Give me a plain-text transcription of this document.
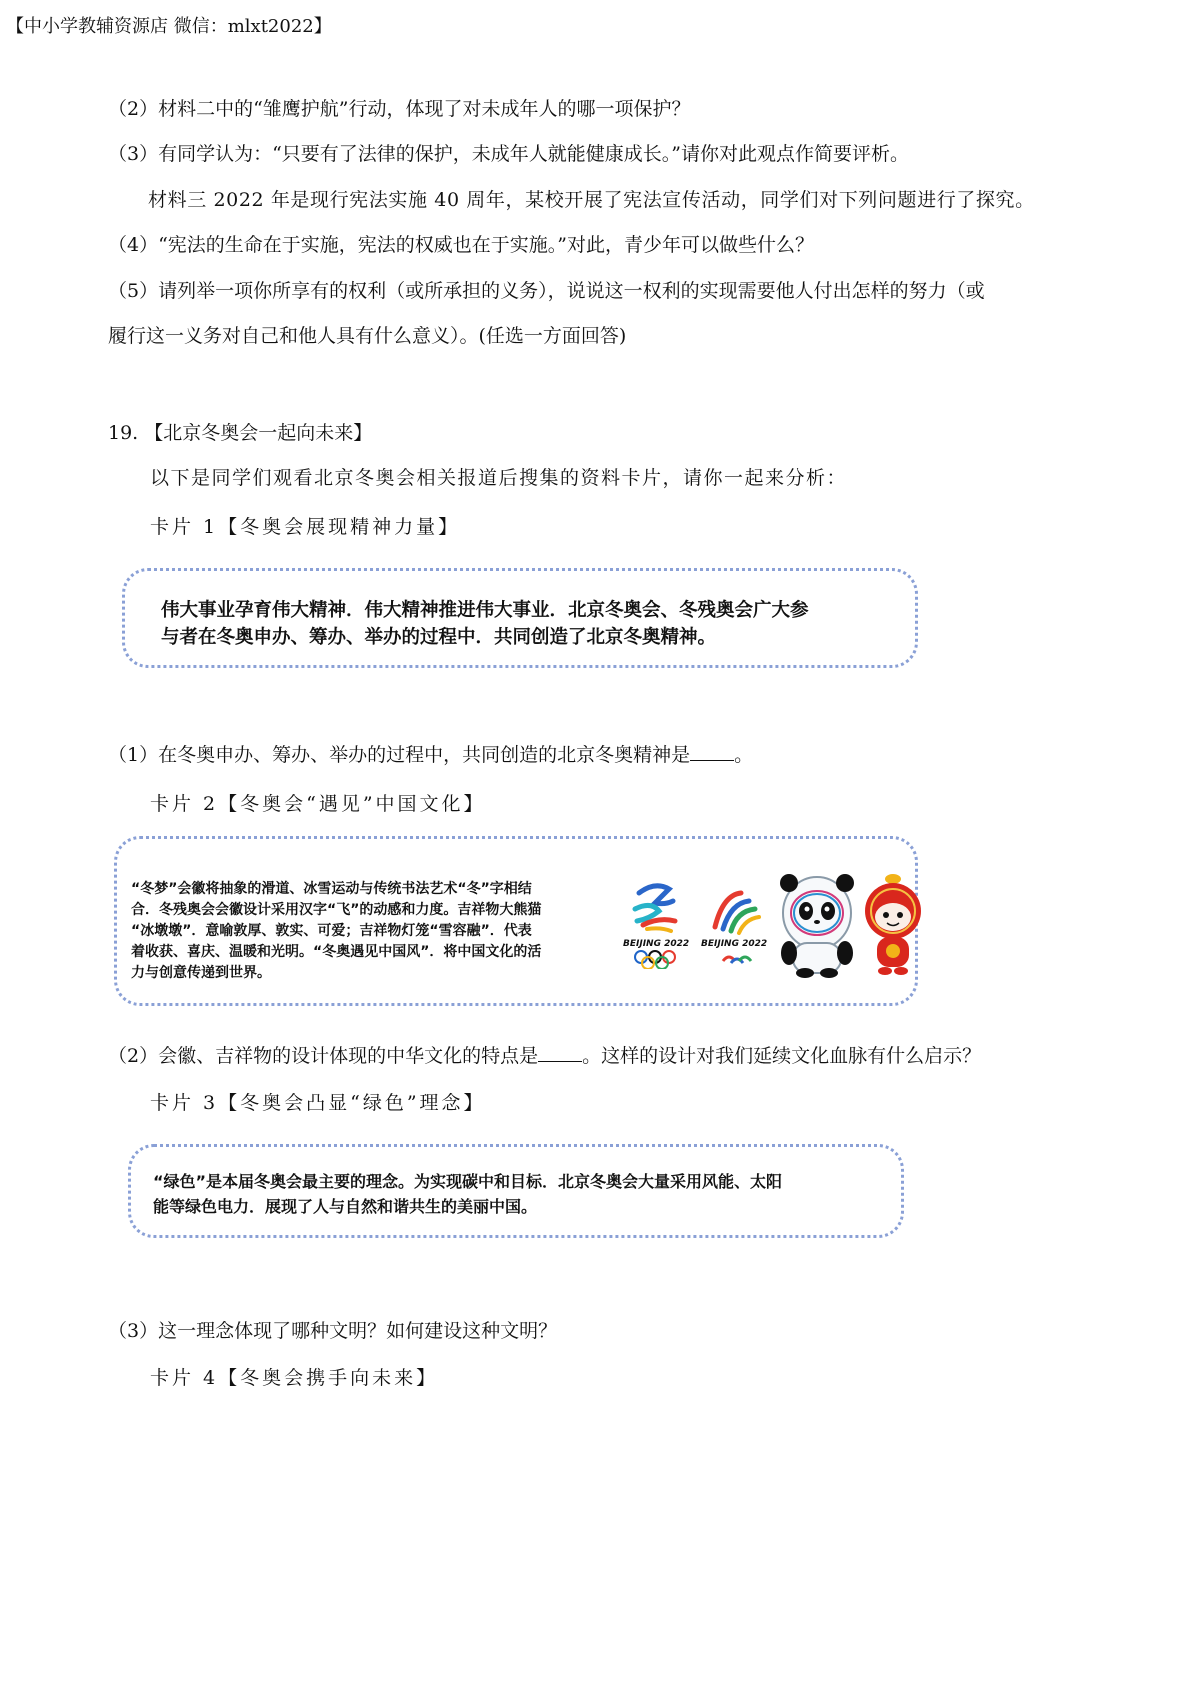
【中小学教辅资源店 微信：mlxt2022】
（2）材料二中的“雏鹰护航”行动，体现了对未成年人的哪一项保护？
（3）有同学认为：“只要有了法律的保护，未成年人就能健康成长。”请你对此观点作简要评析。
材料三 2022 年是现行宪法实施 40 周年，某校开展了宪法宣传活动，同学们对下列问题进行了探究。
（4）“宪法的生命在于实施，宪法的权威也在于实施。”对此，青少年可以做些什么？
（5）请列举一项你所享有的权利（或所承担的义务），说说这一权利的实现需要他人付出怎样的努力（或
履行这一义务对自己和他人具有什么意义）。(任选一方面回答)
19. 【北京冬奥会一起向未来】
以下是同学们观看北京冬奥会相关报道后搜集的资料卡片，请你一起来分析：
卡片 1【冬奥会展现精神力量】
伟大事业孕育伟大精神．伟大精神推进伟大事业．北京冬奥会、冬残奥会广大参
与者在冬奥申办、筹办、举办的过程中．共同创造了北京冬奥精神。
（1）在冬奥申办、筹办、举办的过程中，共同创造的北京冬奥精神是 。
卡片 2【冬奥会“遇见”中国文化】
“冬梦”会徽将抽象的滑道、冰雪运动与传统书法艺术“冬”字相结
合．冬残奥会会徽设计采用汉字“飞”的动感和力度。吉祥物大熊猫
“冰墩墩”．意喻敦厚、敦实、可爱；吉祥物灯笼“雪容融”．代表
着收获、喜庆、温暖和光明。“冬奥遇见中国风”．将中国文化的活
力与创意传递到世界。
BEIJING 2022 BEIJING 2022
（2）会徽、吉祥物的设计体现的中华文化的特点是 。这样的设计对我们延续文化血脉有什么启示？
卡片 3【冬奥会凸显“绿色”理念】
“绿色”是本届冬奥会最主要的理念。为实现碳中和目标．北京冬奥会大量采用风能、太阳
能等绿色电力．展现了人与自然和谐共生的美丽中国。
（3）这一理念体现了哪种文明？如何建设这种文明？
卡片 4【冬奥会携手向未来】
